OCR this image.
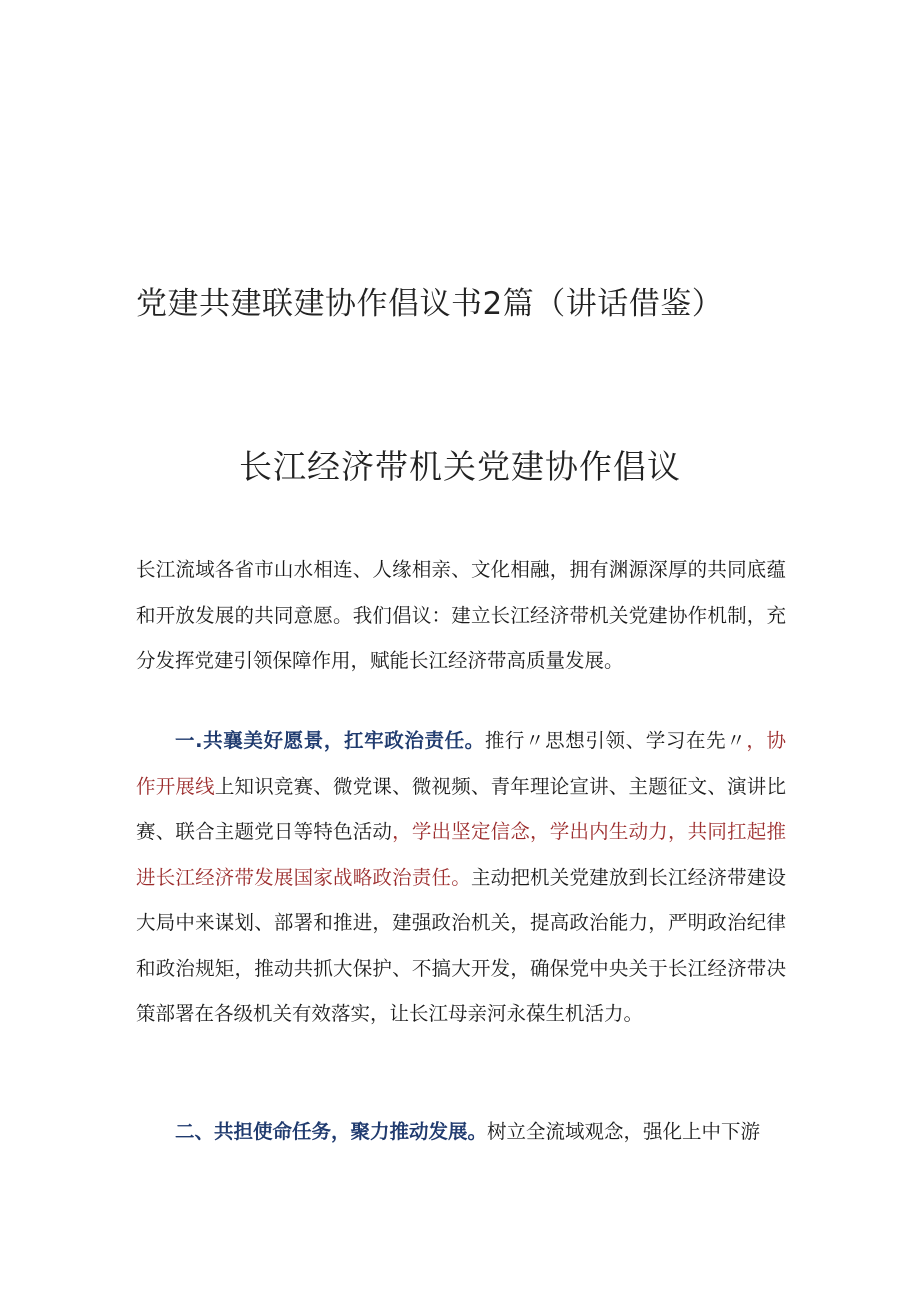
党建共建联建协作倡议书2篇（讲话借鉴）
长江经济带机关党建协作倡议

长江流域各省市山水相连、人缘相亲、文化相融，拥有渊源深厚的共同底蕴和开放发展的共同意愿。我们倡议：建立长江经济带机关党建协作机制，充分发挥党建引领保障作用，赋能长江经济带高质量发展。

一.共襄美好愿景，扛牢政治责任。推行〃思想引领、学习在先〃，协作开展线上知识竞赛、微党课、微视频、青年理论宣讲、主题征文、演讲比赛、联合主题党日等特色活动，学出坚定信念，学出内生动力，共同扛起推进长江经济带发展国家战略政治责任。主动把机关党建放到长江经济带建设大局中来谋划、部署和推进，建强政治机关，提高政治能力，严明政治纪律和政治规矩，推动共抓大保护、不搞大开发，确保党中央关于长江经济带决策部署在各级机关有效落实，让长江母亲河永葆生机活力。

二、共担使命任务，聚力推动发展。树立全流域观念，强化上中下游
